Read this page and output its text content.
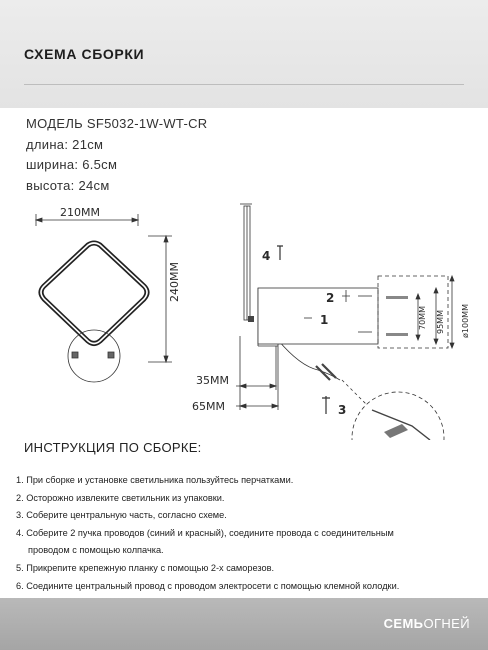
СХЕМА СБОРКИ
МОДЕЛЬ SF5032-1W-WT-CR
длина: 21см
ширина: 6.5см
высота: 24см
210ММ
240ММ
35ММ
65ММ
70ММ 95ММ ø100ММ
4
2
1
3
ИНСТРУКЦИЯ ПО СБОРКЕ:
1. При сборке и установке светильника пользуйтесь перчатками.
2. Осторожно извлеките светильник из упаковки.
3. Соберите центральную часть, согласно схеме.
4. Соберите 2 пучка проводов (синий и красный), соедините провода с соединительным
проводом с помощью колпачка.
5. Прикрепите крепежную планку с помощью 2-х саморезов.
6. Соедините центральный провод с проводом электросети с помощью клемной колодки.
СЕМЬОГНЕЙ
